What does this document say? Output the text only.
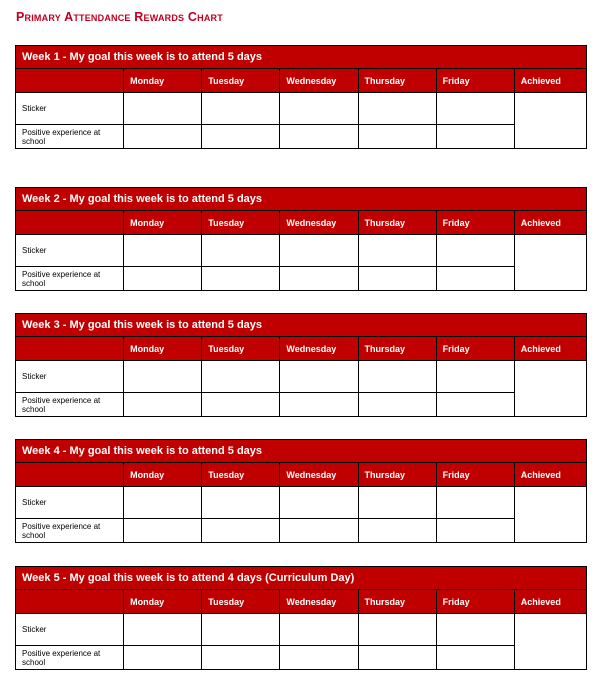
Primary Attendance Rewards Chart
Week 1 - My goal this week is to attend 5 days						
	Monday	Tuesday	Wednesday	Thursday	Friday	Achieved
Sticker						
Positive experience at school						
Week 2 - My goal this week is to attend 5 days						
	Monday	Tuesday	Wednesday	Thursday	Friday	Achieved
Sticker						
Positive experience at school						
Week 3 - My goal this week is to attend 5 days						
	Monday	Tuesday	Wednesday	Thursday	Friday	Achieved
Sticker						
Positive experience at school						
Week 4 - My goal this week is to attend 5 days						
	Monday	Tuesday	Wednesday	Thursday	Friday	Achieved
Sticker						
Positive experience at school						
Week 5 - My goal this week is to attend 4 days (Curriculum Day)						
	Monday	Tuesday	Wednesday	Thursday	Friday	Achieved
Sticker						
Positive experience at school						
